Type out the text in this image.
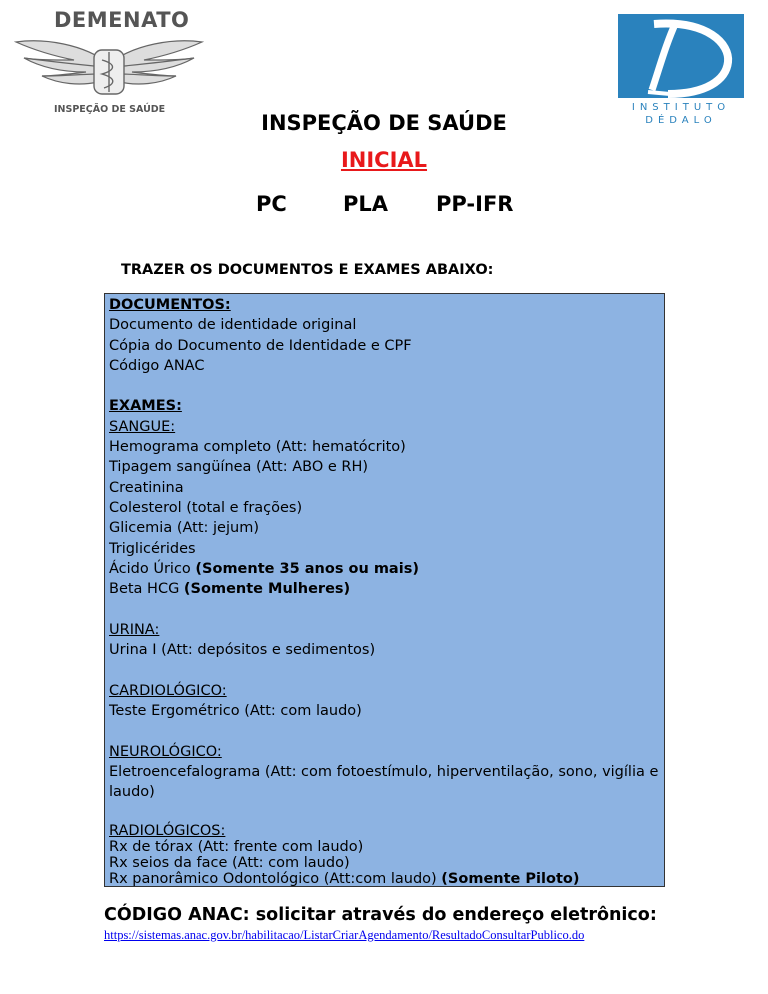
DEMENATO
INSPEÇÃO DE SAÚDE	INSTITUTO
DÉDALO
INSPEÇÃO DE SAÚDE
INICIAL
PC	PLA PP-IFR
TRAZER OS DOCUMENTOS E EXAMES ABAIXO:
DOCUMENTOS:
Documento de identidade original
Cópia do Documento de Identidade e CPF
Código ANAC
EXAMES:
SANGUE:
Hemograma completo (Att: hematócrito)
Tipagem sangüínea (Att: ABO e RH)
Creatinina
Colesterol (total e frações)
Glicemia (Att: jejum)
Triglicérides
Ácido Úrico (Somente 35 anos ou mais)
Beta HCG (Somente Mulheres)
URINA:
Urina I (Att: depósitos e sedimentos)
CARDIOLÓGICO:
Teste Ergométrico (Att: com laudo)
NEUROLÓGICO:
Eletroencefalograma (Att: com fotoestímulo, hiperventilação, sono, vigília e laudo)
RADIOLÓGICOS:
Rx de tórax (Att: frente com laudo)
Rx seios da face (Att: com laudo)
Rx panorâmico Odontológico (Att:com laudo) (Somente Piloto)
CÓDIGO ANAC: solicitar através do endereço eletrônico:
https://sistemas.anac.gov.br/habilitacao/ListarCriarAgendamento/ResultadoConsultarPublico.do
